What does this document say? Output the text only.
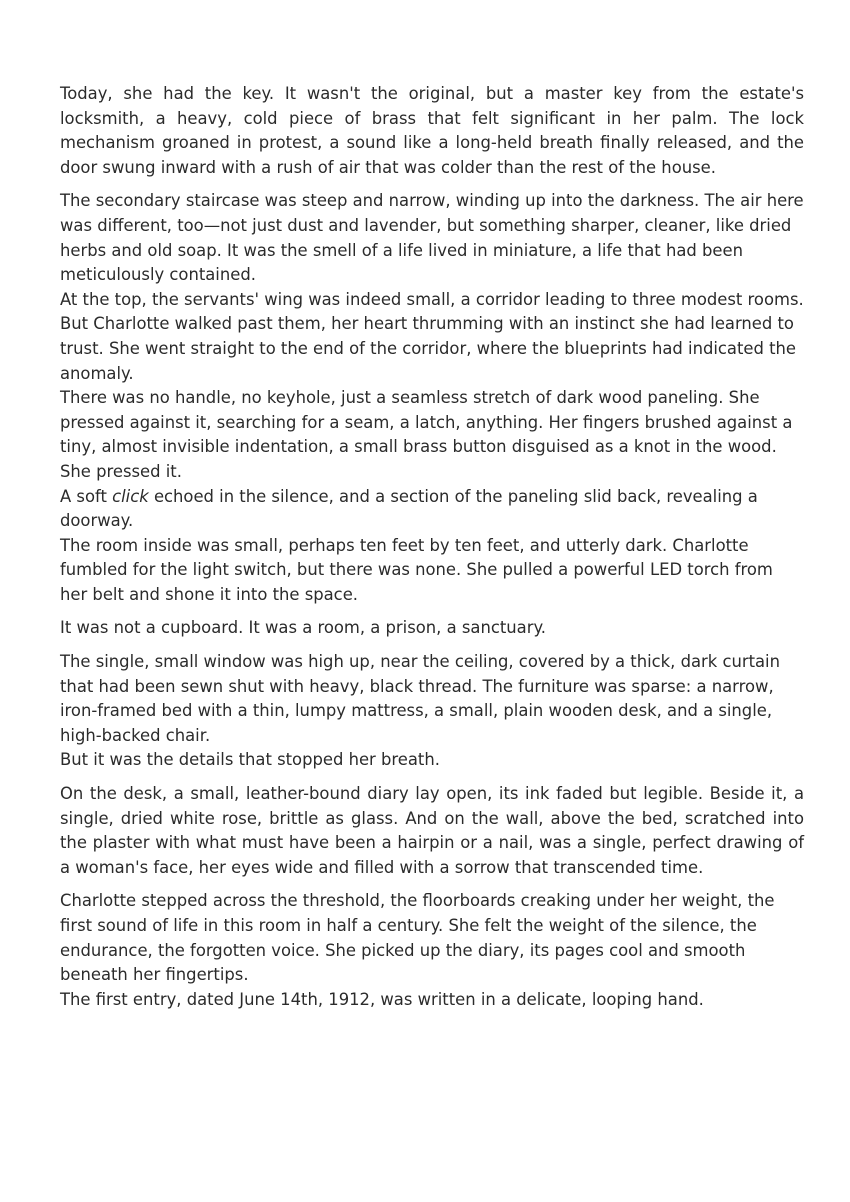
Today, she had the key. It wasn't the original, but a master key from the estate's locksmith, a heavy, cold piece of brass that felt significant in her palm. The lock mechanism groaned in protest, a sound like a long-held breath finally released, and the door swung inward with a rush of air that was colder than the rest of the house.

The secondary staircase was steep and narrow, winding up into the darkness. The air here was different, too—not just dust and lavender, but something sharper, cleaner, like dried herbs and old soap. It was the smell of a life lived in miniature, a life that had been meticulously contained.

At the top, the servants' wing was indeed small, a corridor leading to three modest rooms. But Charlotte walked past them, her heart thrumming with an instinct she had learned to trust. She went straight to the end of the corridor, where the blueprints had indicated the anomaly.

There was no handle, no keyhole, just a seamless stretch of dark wood paneling. She pressed against it, searching for a seam, a latch, anything. Her fingers brushed against a tiny, almost invisible indentation, a small brass button disguised as a knot in the wood. She pressed it.

A soft click echoed in the silence, and a section of the paneling slid back, revealing a doorway.

The room inside was small, perhaps ten feet by ten feet, and utterly dark. Charlotte fumbled for the light switch, but there was none. She pulled a powerful LED torch from her belt and shone it into the space.

It was not a cupboard. It was a room, a prison, a sanctuary.

The single, small window was high up, near the ceiling, covered by a thick, dark curtain that had been sewn shut with heavy, black thread. The furniture was sparse: a narrow, iron-framed bed with a thin, lumpy mattress, a small, plain wooden desk, and a single, high-backed chair.

But it was the details that stopped her breath.

On the desk, a small, leather-bound diary lay open, its ink faded but legible. Beside it, a single, dried white rose, brittle as glass. And on the wall, above the bed, scratched into the plaster with what must have been a hairpin or a nail, was a single, perfect drawing of a woman's face, her eyes wide and filled with a sorrow that transcended time.

Charlotte stepped across the threshold, the floorboards creaking under her weight, the first sound of life in this room in half a century. She felt the weight of the silence, the endurance, the forgotten voice. She picked up the diary, its pages cool and smooth beneath her fingertips.

The first entry, dated June 14th, 1912, was written in a delicate, looping hand.
